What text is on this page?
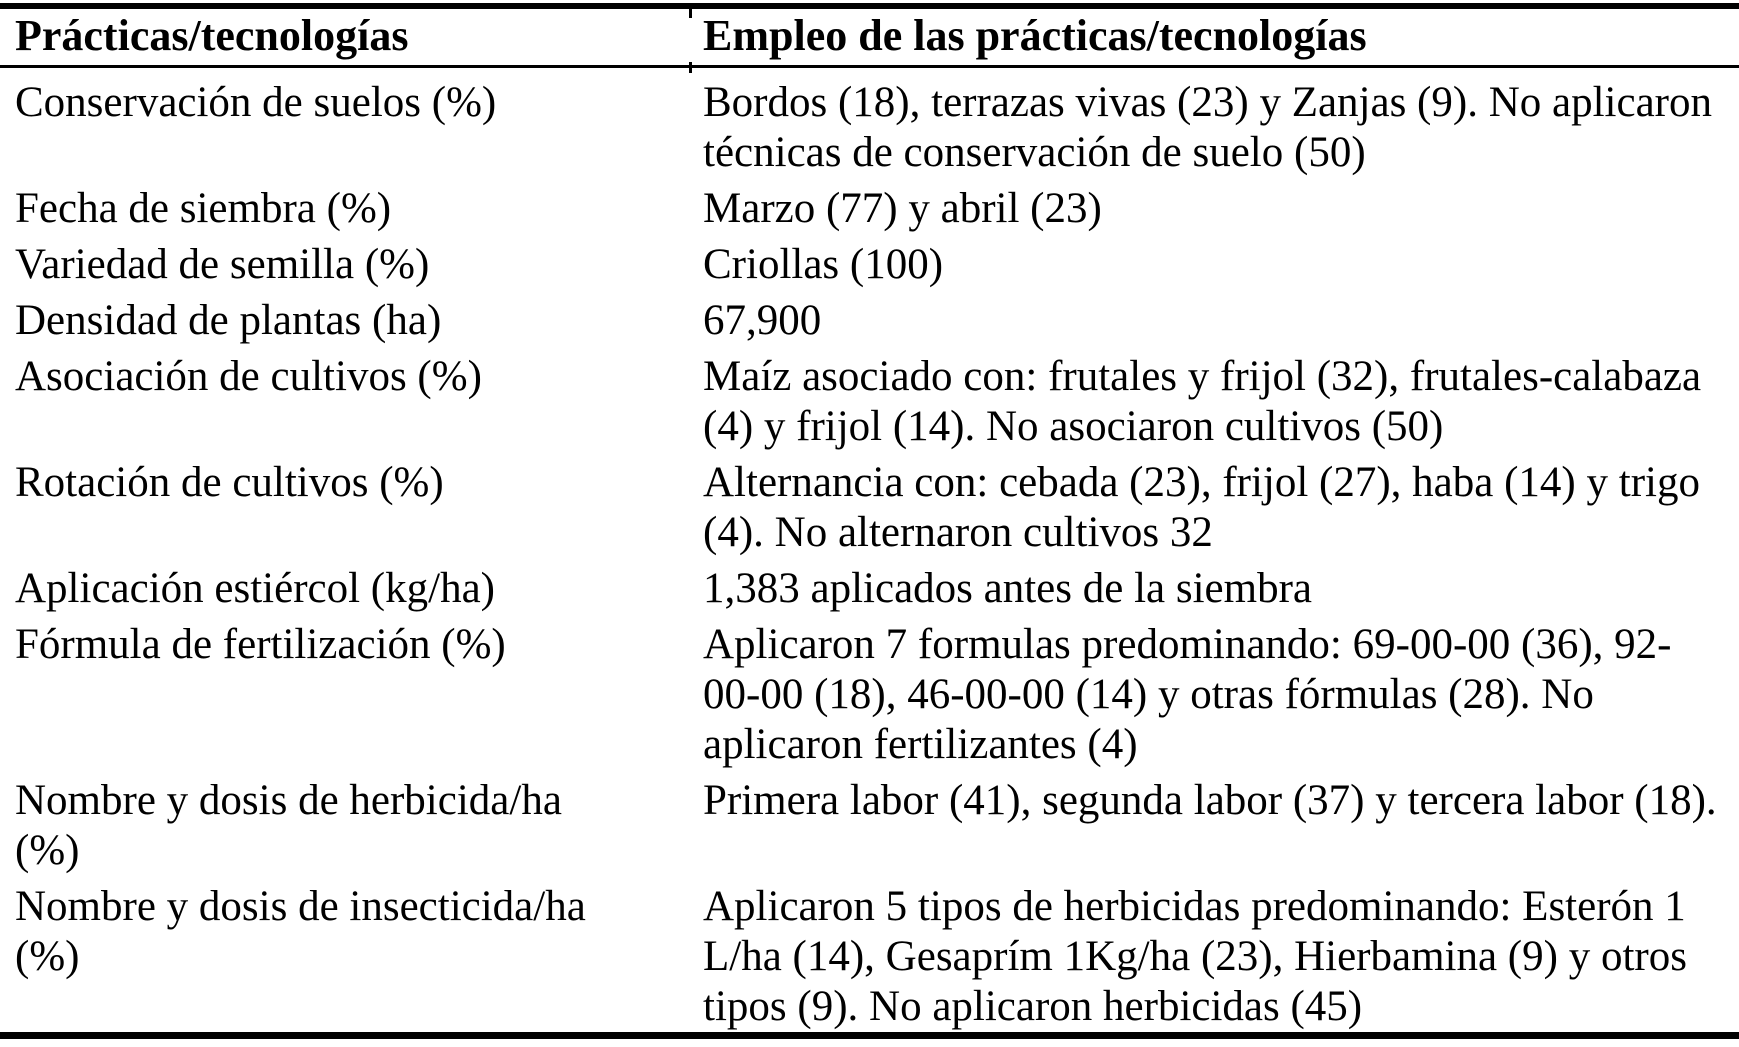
Prácticas/tecnologías	Empleo de las prácticas/tecnologías
Conservación de suelos (%)	Bordos (18), terrazas vivas (23) y Zanjas (9). No aplicaron técnicas de conservación de suelo (50)
Fecha de siembra (%)	Marzo (77) y abril (23)
Variedad de semilla (%)	Criollas (100)
Densidad de plantas (ha)	67,900
Asociación de cultivos (%)	Maíz asociado con: frutales y frijol (32), frutales-calabaza (4) y frijol (14). No asociaron cultivos (50)
Rotación de cultivos (%)	Alternancia con: cebada (23), frijol (27), haba (14) y trigo (4). No alternaron cultivos 32
Aplicación estiércol (kg/ha)	1,383 aplicados antes de la siembra
Fórmula de fertilización (%)	Aplicaron 7 formulas predominando: 69-00-00 (36), 92-00-00 (18), 46-00-00 (14) y otras fórmulas (28). No aplicaron fertilizantes (4)
Nombre y dosis de herbicida/ha (%)	Primera labor (41), segunda labor (37) y tercera labor (18).
Nombre y dosis de insecticida/ha (%)	Aplicaron 5 tipos de herbicidas predominando: Esterón 1 L/ha (14), Gesaprím 1Kg/ha (23), Hierbamina (9) y otros tipos (9). No aplicaron herbicidas (45)
